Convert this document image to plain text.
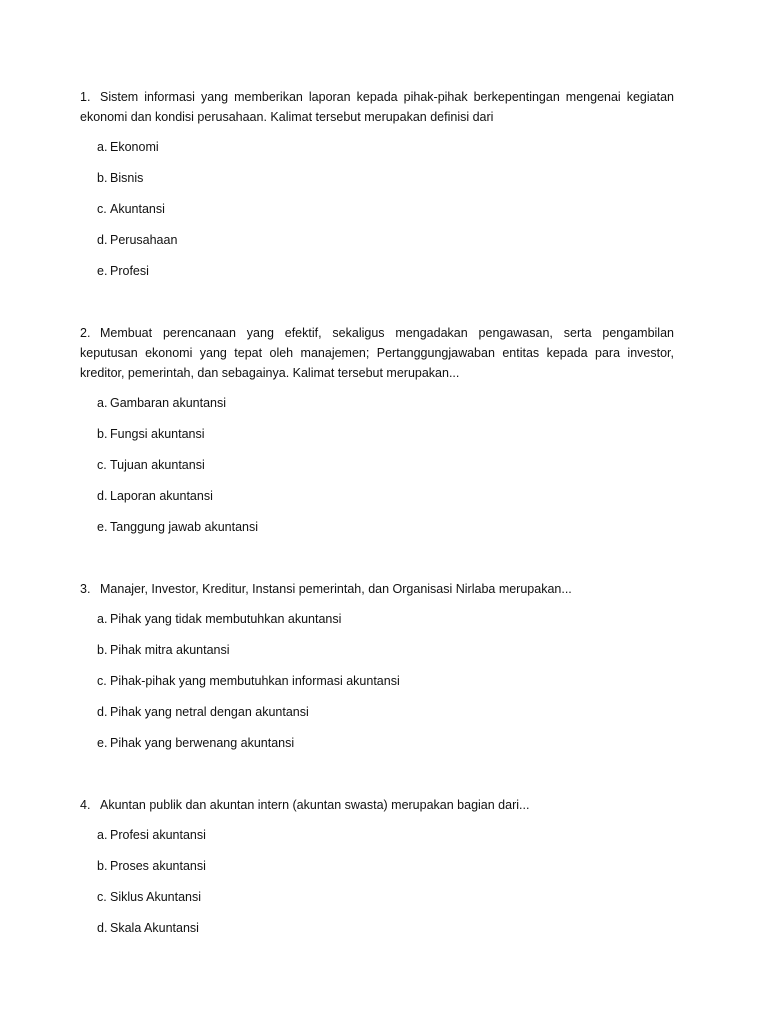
1. Sistem informasi yang memberikan laporan kepada pihak-pihak berkepentingan mengenai kegiatan ekonomi dan kondisi perusahaan. Kalimat tersebut merupakan definisi dari

a. Ekonomi
b. Bisnis
c. Akuntansi
d. Perusahaan
e. Profesi

2. Membuat perencanaan yang efektif, sekaligus mengadakan pengawasan, serta pengambilan keputusan ekonomi yang tepat oleh manajemen; Pertanggungjawaban entitas kepada para investor, kreditor, pemerintah, dan sebagainya. Kalimat tersebut merupakan...

a. Gambaran akuntansi
b. Fungsi akuntansi
c. Tujuan akuntansi
d. Laporan akuntansi
e. Tanggung jawab akuntansi

3. Manajer, Investor, Kreditur, Instansi pemerintah, dan Organisasi Nirlaba merupakan...

a. Pihak yang tidak membutuhkan akuntansi
b. Pihak mitra akuntansi
c. Pihak-pihak yang membutuhkan informasi akuntansi
d. Pihak yang netral dengan akuntansi
e. Pihak yang berwenang akuntansi

4. Akuntan publik dan akuntan intern (akuntan swasta) merupakan bagian dari...

a. Profesi akuntansi
b. Proses akuntansi
c. Siklus Akuntansi
d. Skala Akuntansi
